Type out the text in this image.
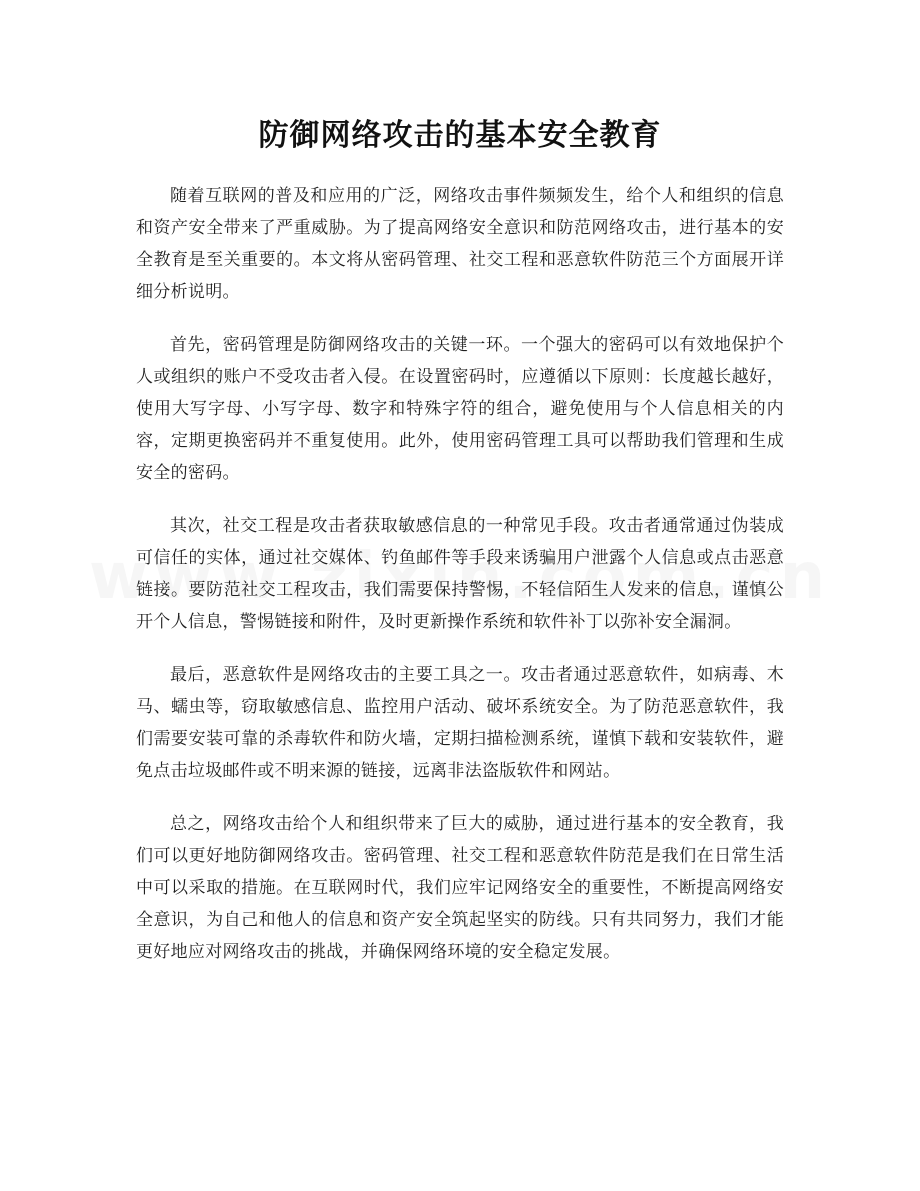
防御网络攻击的基本安全教育

随着互联网的普及和应用的广泛，网络攻击事件频频发生，给个人和组织的信息和资产安全带来了严重威胁。为了提高网络安全意识和防范网络攻击，进行基本的安全教育是至关重要的。本文将从密码管理、社交工程和恶意软件防范三个方面展开详细分析说明。

首先，密码管理是防御网络攻击的关键一环。一个强大的密码可以有效地保护个人或组织的账户不受攻击者入侵。在设置密码时，应遵循以下原则：长度越长越好，使用大写字母、小写字母、数字和特殊字符的组合，避免使用与个人信息相关的内容，定期更换密码并不重复使用。此外，使用密码管理工具可以帮助我们管理和生成安全的密码。

其次，社交工程是攻击者获取敏感信息的一种常见手段。攻击者通常通过伪装成可信任的实体，通过社交媒体、钓鱼邮件等手段来诱骗用户泄露个人信息或点击恶意链接。要防范社交工程攻击，我们需要保持警惕，不轻信陌生人发来的信息，谨慎公开个人信息，警惕链接和附件，及时更新操作系统和软件补丁以弥补安全漏洞。

最后，恶意软件是网络攻击的主要工具之一。攻击者通过恶意软件，如病毒、木马、蠕虫等，窃取敏感信息、监控用户活动、破坏系统安全。为了防范恶意软件，我们需要安装可靠的杀毒软件和防火墙，定期扫描检测系统，谨慎下载和安装软件，避免点击垃圾邮件或不明来源的链接，远离非法盗版软件和网站。

总之，网络攻击给个人和组织带来了巨大的威胁，通过进行基本的安全教育，我们可以更好地防御网络攻击。密码管理、社交工程和恶意软件防范是我们在日常生活中可以采取的措施。在互联网时代，我们应牢记网络安全的重要性，不断提高网络安全意识，为自己和他人的信息和资产安全筑起坚实的防线。只有共同努力，我们才能更好地应对网络攻击的挑战，并确保网络环境的安全稳定发展。
